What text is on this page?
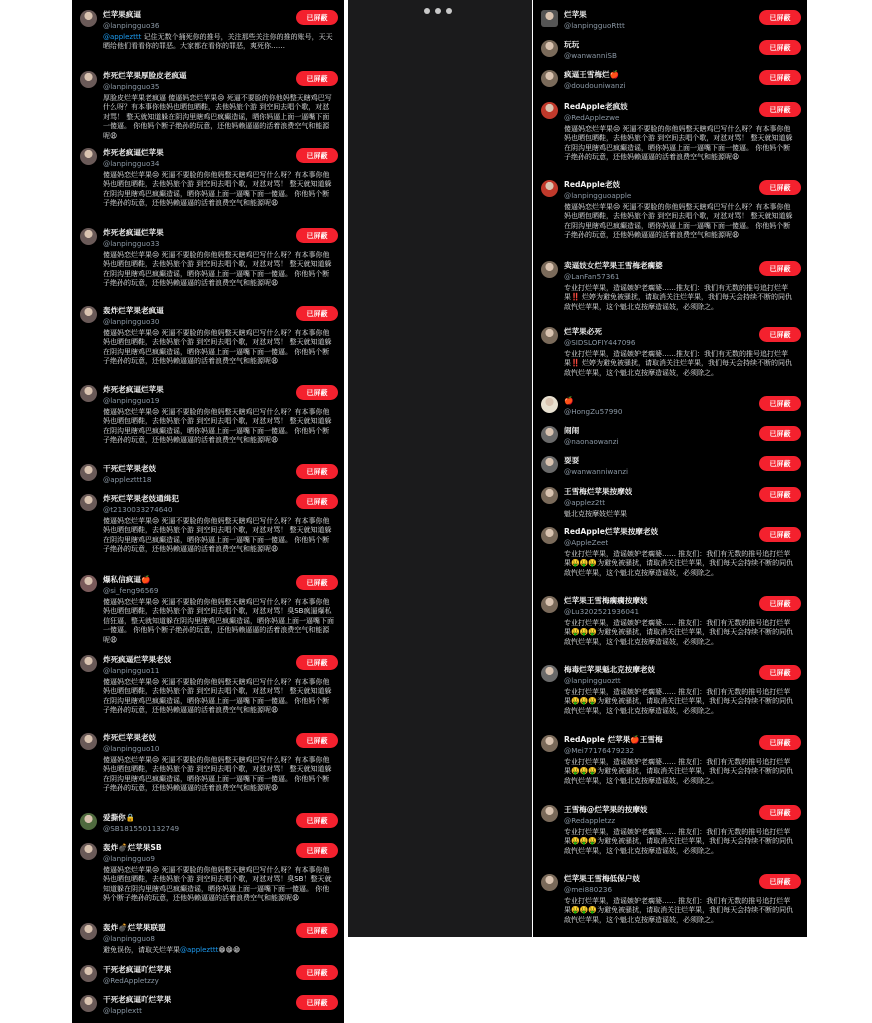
烂苹果疯逼
@lanpingguo36
@applezttt 记住无数个捅死你的推号，关注那些关注你的推的账号，天天晒给他们看看你的罪恶。大家都在看你的罪恶，爽死你……
已屏蔽
炸死烂苹果厚脸皮老疯逼
@lanpingguo35
厚脸皮烂苹果老疯逼 傻逼妈恋烂苹果😒 死逼不要脸的你他妈整天瞎鸡巴写什么呀？有本事你他妈也晒包晒鞋，去他妈旅个游 到空间去唱个歌，对怼对骂！ 整天就知道躲在阴沟里瞎鸡巴疯癫造谣，晒你妈逼上面一逼嘴下面一傻逼。 你他妈个断子绝孙的玩意，还他妈赖逼逼的活着浪费空气和能源呢😩
已屏蔽
炸死老疯逼烂苹果
@lanpingguo34
傻逼妈恋烂苹果😒 死逼不要脸的你他妈整天瞎鸡巴写什么呀？有本事你他妈也晒包晒鞋，去他妈旅个游 到空间去唱个歌，对怼对骂！ 整天就知道躲在阴沟里瞎鸡巴疯癫造谣，晒你妈逼上面一逼嘴下面一傻逼。 你他妈个断子绝孙的玩意，还他妈赖逼逼的活着浪费空气和能源呢😩
已屏蔽
炸死老疯逼烂苹果
@lanpingguo33
傻逼妈恋烂苹果😒 死逼不要脸的你他妈整天瞎鸡巴写什么呀？有本事你他妈也晒包晒鞋，去他妈旅个游 到空间去唱个歌，对怼对骂！ 整天就知道躲在阴沟里瞎鸡巴疯癫造谣，晒你妈逼上面一逼嘴下面一傻逼。 你他妈个断子绝孙的玩意，还他妈赖逼逼的活着浪费空气和能源呢😩
已屏蔽
轰炸烂苹果老疯逼
@lanpingguo30
傻逼妈恋烂苹果😒 死逼不要脸的你他妈整天瞎鸡巴写什么呀？有本事你他妈也晒包晒鞋，去他妈旅个游 到空间去唱个歌，对怼对骂！ 整天就知道躲在阴沟里瞎鸡巴疯癫造谣，晒你妈逼上面一逼嘴下面一傻逼。 你他妈个断子绝孙的玩意，还他妈赖逼逼的活着浪费空气和能源呢😩
已屏蔽
炸死老疯逼烂苹果
@lanpingguo19
傻逼妈恋烂苹果😒 死逼不要脸的你他妈整天瞎鸡巴写什么呀？有本事你他妈也晒包晒鞋，去他妈旅个游 到空间去唱个歌，对怼对骂！ 整天就知道躲在阴沟里瞎鸡巴疯癫造谣，晒你妈逼上面一逼嘴下面一傻逼。 你他妈个断子绝孙的玩意，还他妈赖逼逼的活着浪费空气和能源呢😩
已屏蔽
干死烂苹果老妓
@applezttt18
已屏蔽
炸死烂苹果老妓通缉犯
@t2130033274640
傻逼妈恋烂苹果😒 死逼不要脸的你他妈整天瞎鸡巴写什么呀？有本事你他妈也晒包晒鞋，去他妈旅个游 到空间去唱个歌，对怼对骂！ 整天就知道躲在阴沟里瞎鸡巴疯癫造谣，晒你妈逼上面一逼嘴下面一傻逼。 你他妈个断子绝孙的玩意，还他妈赖逼逼的活着浪费空气和能源呢😩
已屏蔽
爆私信疯逼🍎
@si_feng96569
傻逼妈恋烂苹果😒 死逼不要脸的你他妈整天瞎鸡巴写什么呀？有本事你他妈也晒包晒鞋，去他妈旅个游 到空间去唱个歌，对怼对骂！臭SB疯逼爆私信狂逼，整天就知道躲在阴沟里瞎鸡巴疯癫造谣，晒你妈逼上面一逼嘴下面一傻逼。 你他妈个断子绝孙的玩意，还他妈赖逼逼的活着浪费空气和能源呢😩
已屏蔽
炸死疯逼烂苹果老妓
@lanpingguo11
傻逼妈恋烂苹果😒 死逼不要脸的你他妈整天瞎鸡巴写什么呀？有本事你他妈也晒包晒鞋，去他妈旅个游 到空间去唱个歌，对怼对骂！ 整天就知道躲在阴沟里瞎鸡巴疯癫造谣，晒你妈逼上面一逼嘴下面一傻逼。 你他妈个断子绝孙的玩意，还他妈赖逼逼的活着浪费空气和能源呢😩
已屏蔽
炸死烂苹果老妓
@lanpingguo10
傻逼妈恋烂苹果😒 死逼不要脸的你他妈整天瞎鸡巴写什么呀？有本事你他妈也晒包晒鞋，去他妈旅个游 到空间去唱个歌，对怼对骂！ 整天就知道躲在阴沟里瞎鸡巴疯癫造谣，晒你妈逼上面一逼嘴下面一傻逼。 你他妈个断子绝孙的玩意，还他妈赖逼逼的活着浪费空气和能源呢😩
已屏蔽
爱撕你🔒
@SB1815501132749
已屏蔽
轰炸💣烂苹果SB
@lanpingguo9
傻逼妈恋烂苹果😒 死逼不要脸的你他妈整天瞎鸡巴写什么呀？有本事你他妈也晒包晒鞋，去他妈旅个游 到空间去唱个歌，对怼对骂！臭SB！整天就知道躲在阴沟里瞎鸡巴疯癫造谣，晒你妈逼上面一逼嘴下面一傻逼。 你他妈个断子绝孙的玩意，还他妈赖逼逼的活着浪费空气和能源呢😩
已屏蔽
轰炸💣烂苹果联盟
@lanpingguo8
避免误伤，请取关烂苹果@applezttt😁😁😁
已屏蔽
干死老疯逼吖烂苹果
@RedAppletzzy
已屏蔽
干死老疯逼吖烂苹果
@lapplextt
已屏蔽
烂苹果
@lanpingguoRttt
已屏蔽
玩玩
@wanwanniSB
已屏蔽
疯逼王雪梅烂🍎
@doudouniwanzi
已屏蔽
RedApple老疯妓
@RedApplezwe
傻逼妈恋烂苹果😒 死逼不要脸的你他妈整天瞎鸡巴写什么呀？有本事你他妈也晒包晒鞋，去他妈旅个游 到空间去唱个歌，对怼对骂！ 整天就知道躲在阴沟里瞎鸡巴疯癫造谣，晒你妈逼上面一逼嘴下面一傻逼。 你他妈个断子绝孙的玩意，还他妈赖逼逼的活着浪费空气和能源呢😩
已屏蔽
RedApple老妓
@lanpingguoapple
傻逼妈恋烂苹果😒 死逼不要脸的你他妈整天瞎鸡巴写什么呀？有本事你他妈也晒包晒鞋，去他妈旅个游 到空间去唱个歌，对怼对骂！ 整天就知道躲在阴沟里瞎鸡巴疯癫造谣，晒你妈逼上面一逼嘴下面一傻逼。 你他妈个断子绝孙的玩意，还他妈赖逼逼的活着浪费空气和能源呢😩
已屏蔽
卖逼妓女烂苹果王雪梅老瘸婆
@LanFan57361
专业打烂苹果，造谣嫉妒老瘸婆……推友们：我们有无数的推号追打烂苹果‼️ 烂婷为避免被骚扰，请取消关注烂苹果，我们每天会持续不断的同仇敌忾烂苹果，这个魁北克按摩造谣妓，必须除之。
已屏蔽
烂苹果必死
@SIDSLOFIY447096
专业打烂苹果，造谣嫉妒老瘸婆……推友们：我们有无数的推号追打烂苹果‼️ 烂婷为避免被骚扰，请取消关注烂苹果，我们每天会持续不断的同仇敌忾烂苹果，这个魁北克按摩造谣妓，必须除之。
已屏蔽
🍎
@HongZu57990
已屏蔽
闹闹
@naonaowanzi
已屏蔽
耍耍
@wanwanniwanzi
已屏蔽
王雪梅烂苹果按摩妓
@applez2tt
魁北克按摩妓烂苹果
已屏蔽
RedApple烂苹果按摩老妓
@AppleZeet
专业打烂苹果，造谣嫉妒老瘸婆…… 推友们：我们有无数的推号追打烂苹果🤑🤑🤑为避免被骚扰，请取消关注烂苹果，我们每天会持续不断的同仇敌忾烂苹果，这个魁北克按摩造谣妓，必须除之。
已屏蔽
烂苹果王雪梅瘸瘸按摩妓
@Lu3202521936041
专业打烂苹果，造谣嫉妒老瘸婆…… 推友们：我们有无数的推号追打烂苹果🤑🤑🤑为避免被骚扰，请取消关注烂苹果，我们每天会持续不断的同仇敌忾烂苹果，这个魁北克按摩造谣妓，必须除之。
已屏蔽
梅毒烂苹果魁北克按摩老妓
@lanpingguoztt
专业打烂苹果，造谣嫉妒老瘸婆…… 推友们：我们有无数的推号追打烂苹果🤑🤑🤑为避免被骚扰，请取消关注烂苹果，我们每天会持续不断的同仇敌忾烂苹果，这个魁北克按摩造谣妓，必须除之。
已屏蔽
RedApple 烂苹果🍎王雪梅
@Mei77176479232
专业打烂苹果，造谣嫉妒老瘸婆…… 推友们：我们有无数的推号追打烂苹果🤑🤑🤑为避免被骚扰，请取消关注烂苹果，我们每天会持续不断的同仇敌忾烂苹果，这个魁北克按摩造谣妓，必须除之。
已屏蔽
王雪梅@烂苹果的按摩妓
@Redappletzz
专业打烂苹果，造谣嫉妒老瘸婆…… 推友们：我们有无数的推号追打烂苹果🤑🤑🤑为避免被骚扰，请取消关注烂苹果，我们每天会持续不断的同仇敌忾烂苹果，这个魁北克按摩造谣妓，必须除之。
已屏蔽
烂苹果王雪梅低保户妓
@mei880236
专业打烂苹果，造谣嫉妒老瘸婆…… 推友们：我们有无数的推号追打烂苹果🤑🤑🤑为避免被骚扰，请取消关注烂苹果，我们每天会持续不断的同仇敌忾烂苹果，这个魁北克按摩造谣妓，必须除之。
已屏蔽
